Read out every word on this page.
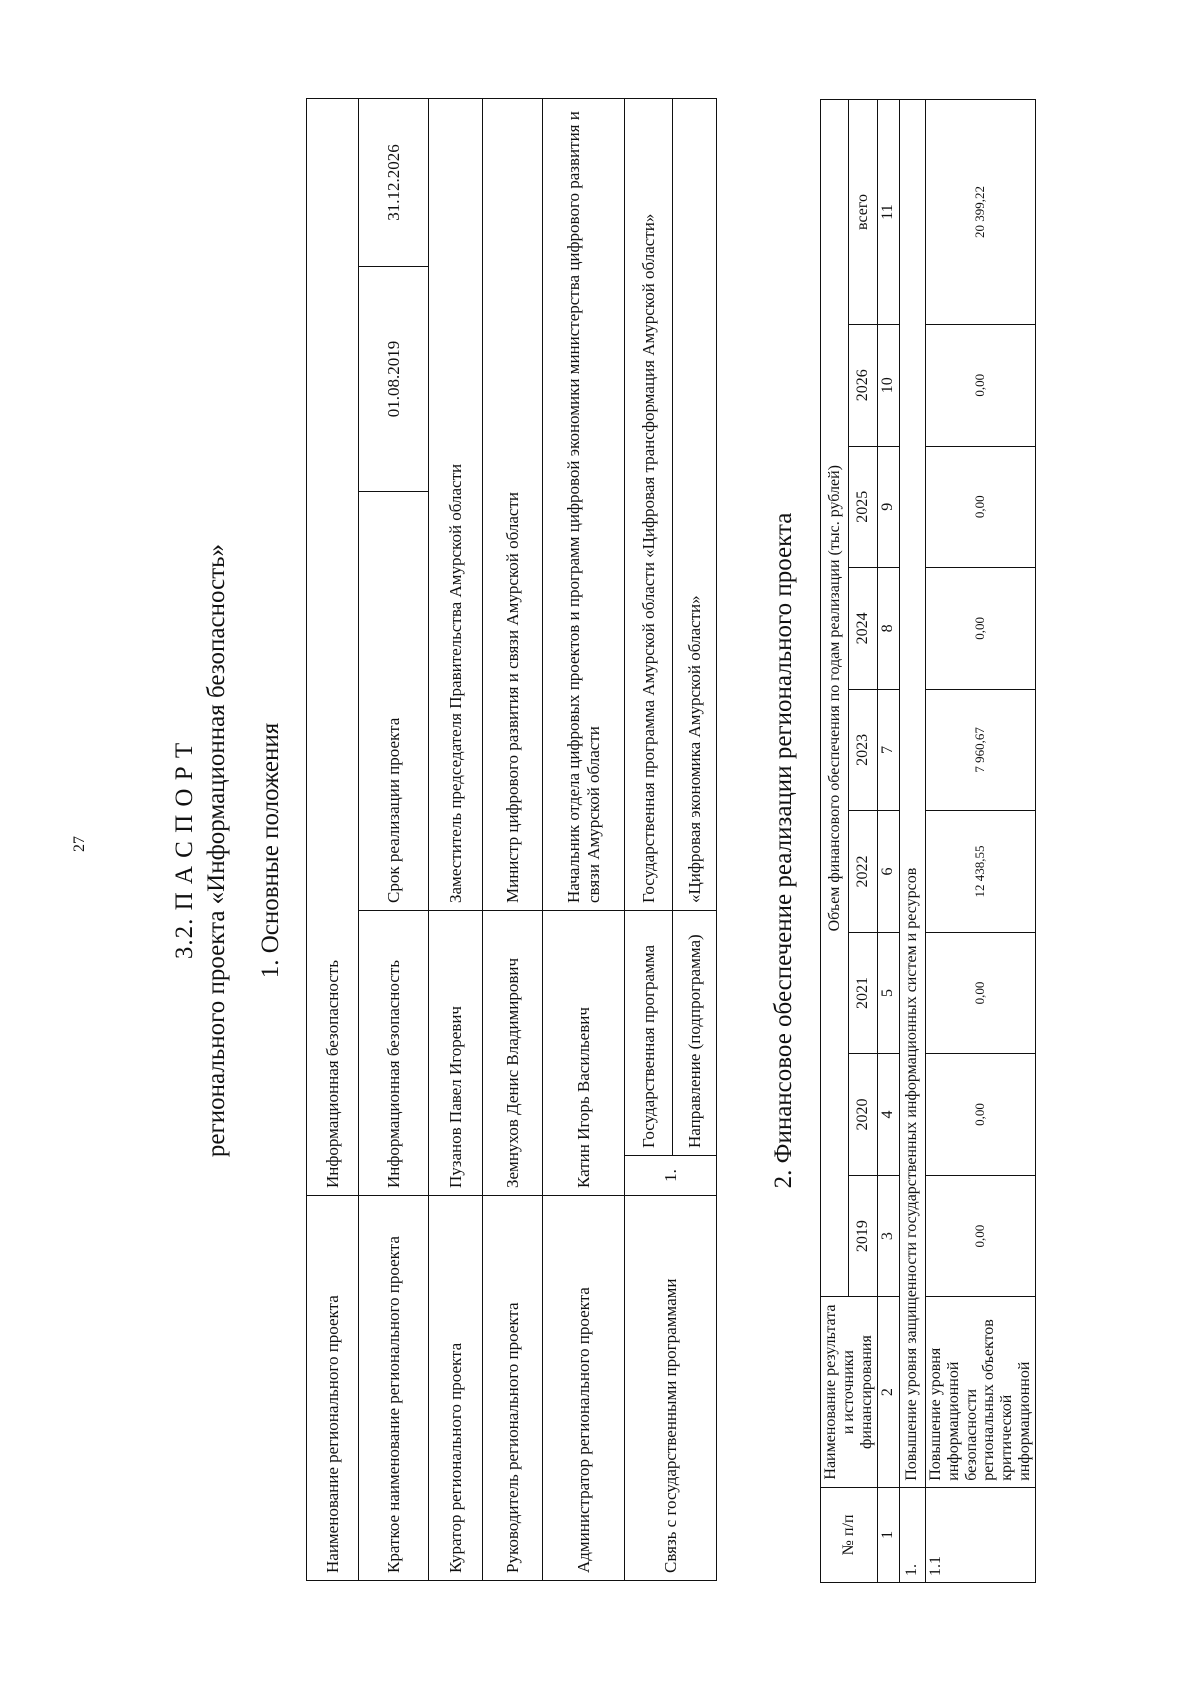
27	3.2. П А С П О Р Т регионального проекта «Информационная безопасность» 1. Основные положения
Наименование регионального проекта	Информационная безопасность				
Краткое наименование регионального проекта	Информационная безопасность		Срок реализации проекта	01.08.2019	31.12.2026
Куратор регионального проекта	Пузанов Павел Игоревич		Заместитель председателя Правительства Амурской области		
Руководитель регионального проекта	Земнухов Денис Владимирович		Министр цифрового развития и связи Амурской области		
Администратор регионального проекта	Катин Игорь Васильевич		Начальник отдела цифровых проектов и программ цифровой экономики министерства цифрового развития и связи Амурской области		
Связь с государственными программами	1.	Государственная программа	Государственная программа Амурской области «Цифровая трансформация Амурской области»		
		Направление (подпрограмма)	«Цифровая экономика Амурской области»			2. Финансовое обеспечение реализации регионального проекта
№ п/п	Наименование результата и источники финансирования	Объем финансового обеспечения по годам реализации (тыс. рублей)								
		2019	2020	2021	2022	2023	2024	2025	2026	всего
1	2	3	4	5	6	7	8	9	10	11
1.	Повышение уровня защищенности государственных информационных систем и ресурсов									
1.1	Повышение уровня информационной безопасности региональных объектов критической информационной	0,00	0,00	0,00	12 438,55	7 960,67	0,00	0,00	0,00	20 399,22
